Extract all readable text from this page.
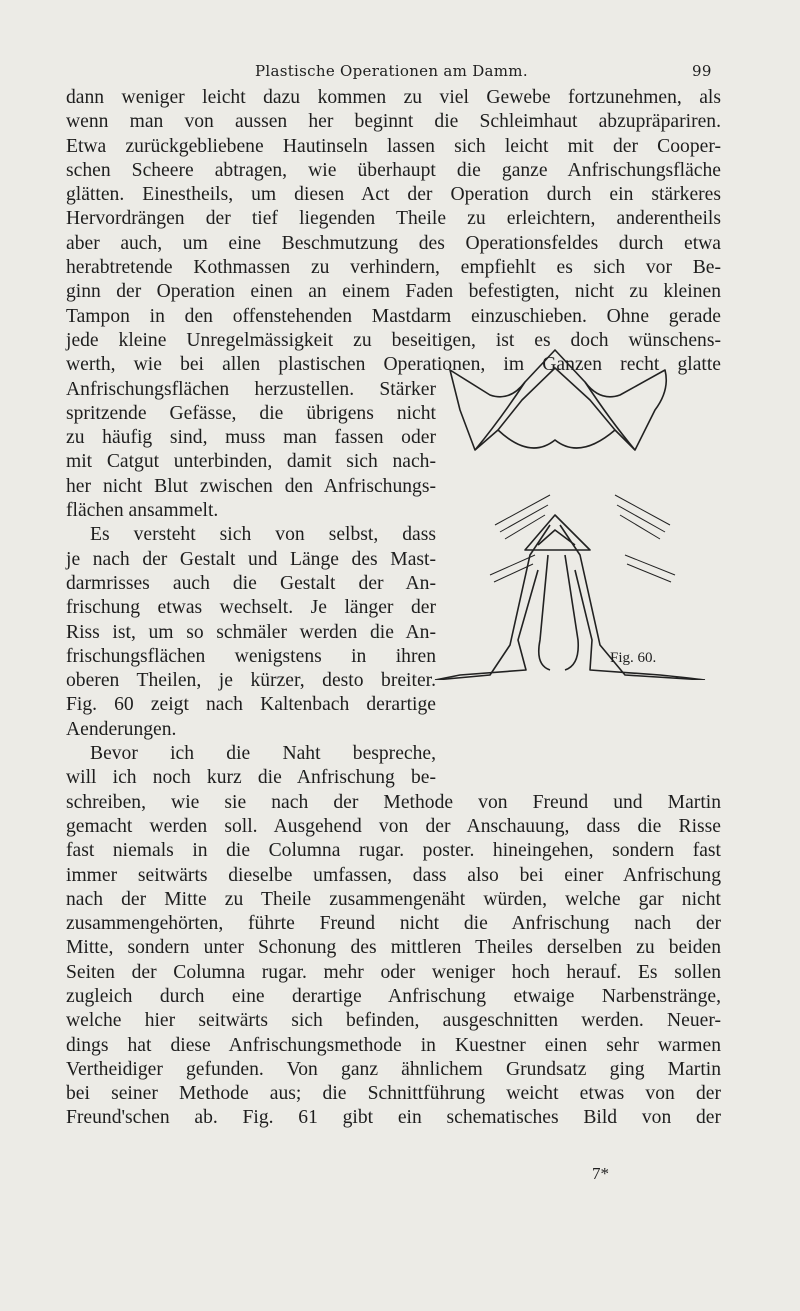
Plastische Operationen am Damm.	99
dann weniger leicht dazu kommen zu viel Gewebe fortzunehmen, als
wenn man von aussen her beginnt die Schleimhaut abzupräpariren.
Etwa zurückgebliebene Hautinseln lassen sich leicht mit der Cooper-
schen Scheere abtragen, wie überhaupt die ganze Anfrischungsfläche
glätten. Einestheils, um diesen Act der Operation durch ein stärkeres
Hervordrängen der tief liegenden Theile zu erleichtern, anderentheils
aber auch, um eine Beschmutzung des Operationsfeldes durch etwa
herabtretende Kothmassen zu verhindern, empfiehlt es sich vor Be-
ginn der Operation einen an einem Faden befestigten, nicht zu kleinen
Tampon in den offenstehenden Mastdarm einzuschieben. Ohne gerade
jede kleine Unregelmässigkeit zu beseitigen, ist es doch wünschens-
werth, wie bei allen plastischen Operationen, im Ganzen recht glatte
Anfrischungsflächen herzustellen. Stärker
spritzende Gefässe, die übrigens nicht
zu häufig sind, muss man fassen oder
mit Catgut unterbinden, damit sich nach-
her nicht Blut zwischen den Anfrischungs-
flächen ansammelt.
Es versteht sich von selbst, dass
je nach der Gestalt und Länge des Mast-
darmrisses auch die Gestalt der An-
frischung etwas wechselt. Je länger der
Riss ist, um so schmäler werden die An-
frischungsflächen wenigstens in ihren
oberen Theilen, je kürzer, desto breiter.
Fig. 60 zeigt nach Kaltenbach derartige
Aenderungen.
Bevor ich die Naht bespreche,
will ich noch kurz die Anfrischung be-
schreiben, wie sie nach der Methode von Freund und Martin
gemacht werden soll. Ausgehend von der Anschauung, dass die Risse
fast niemals in die Columna rugar. poster. hineingehen, sondern fast
immer seitwärts dieselbe umfassen, dass also bei einer Anfrischung
nach der Mitte zu Theile zusammengenäht würden, welche gar nicht
zusammengehörten, führte Freund nicht die Anfrischung nach der
Mitte, sondern unter Schonung des mittleren Theiles derselben zu beiden
Seiten der Columna rugar. mehr oder weniger hoch herauf. Es sollen
zugleich durch eine derartige Anfrischung etwaige Narbenstränge,
welche hier seitwärts sich befinden, ausgeschnitten werden. Neuer-
dings hat diese Anfrischungsmethode in Kuestner einen sehr warmen
Vertheidiger gefunden. Von ganz ähnlichem Grundsatz ging Martin
bei seiner Methode aus; die Schnittführung weicht etwas von der
Freund'schen ab. Fig. 61 gibt ein schematisches Bild von der
Fig. 60.
7*
